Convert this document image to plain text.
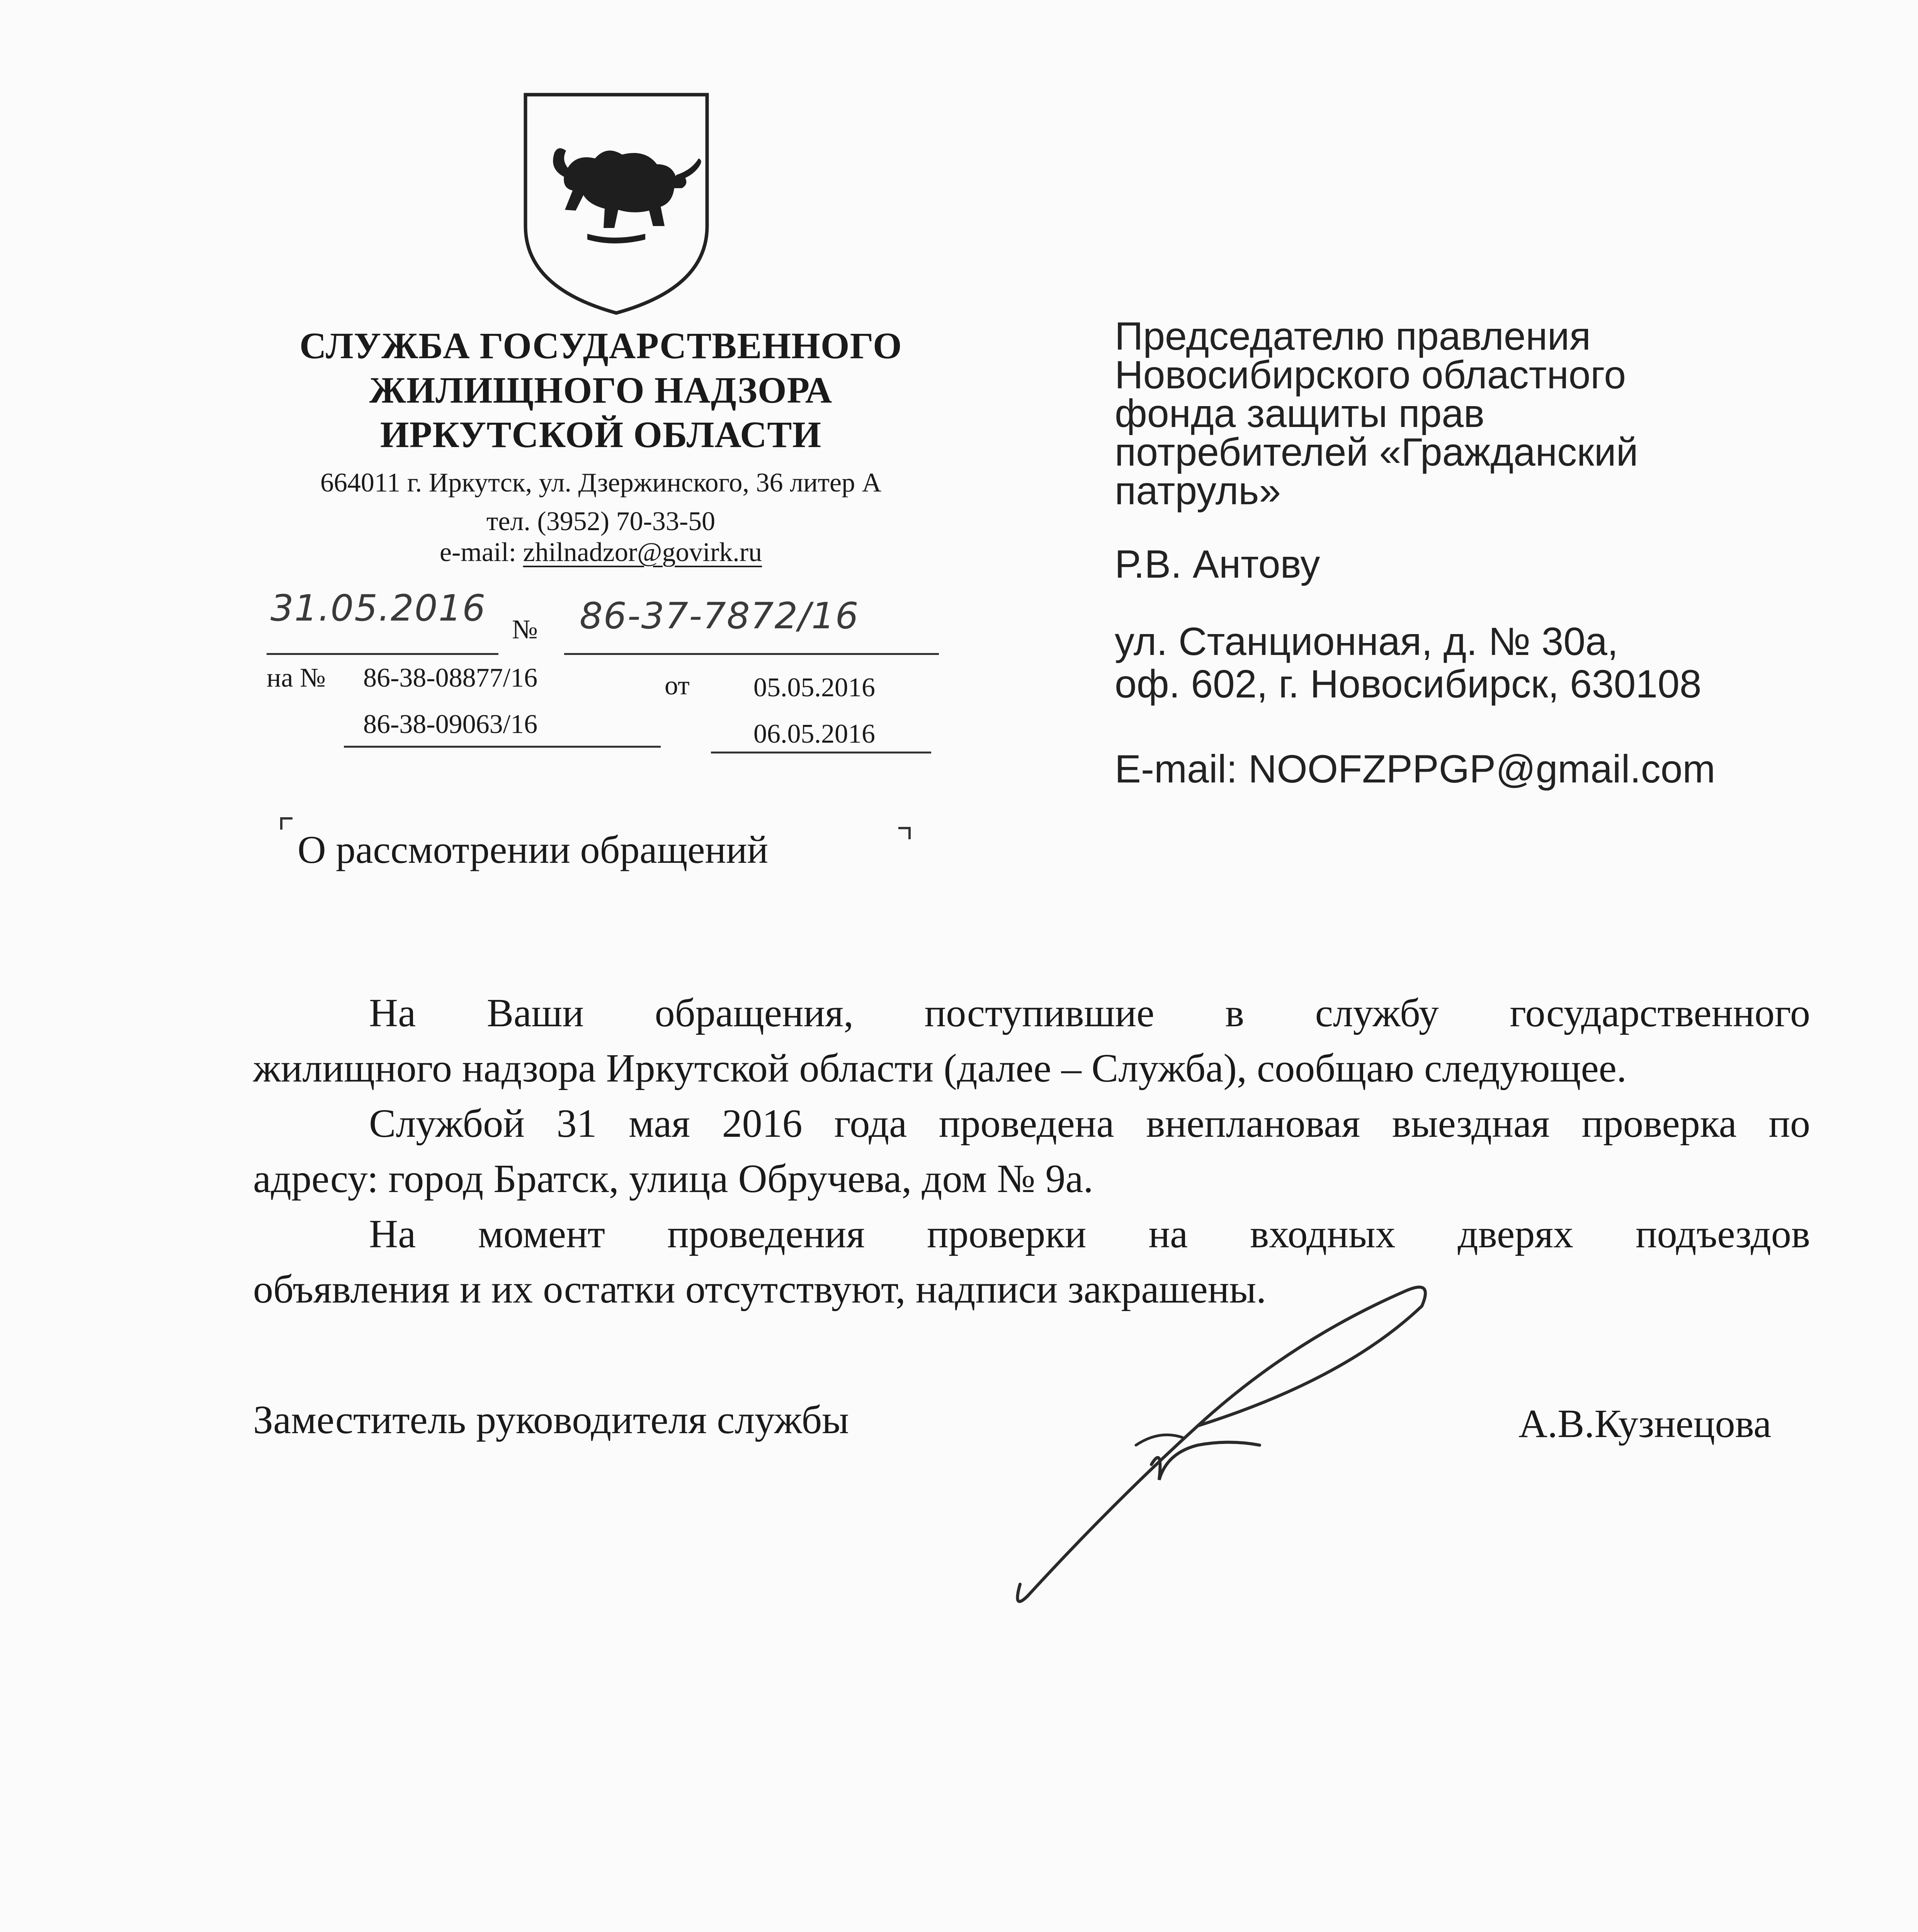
СЛУЖБА ГОСУДАРСТВЕННОГО
ЖИЛИЩНОГО НАДЗОРА
ИРКУТСКОЙ ОБЛАСТИ
664011 г. Иркутск, ул. Дзержинского, 36 литер А
тел. (3952) 70-33-50
e-mail: zhilnadzor@govirk.ru
31.05.2016
№ 86-37-7872/16
на № 86-38-08877/16	от 05.05.2016
86-38-09063/16	06.05.2016
Председателю правления
Новосибирского областного
фонда защиты прав
потребителей «Гражданский
патруль»
Р.В. Антову
ул. Станционная, д. № 30а,
оф. 602, г. Новосибирск, 630108
E-mail: NOOFZPPGP@gmail.com
О рассмотрении обращений
На Ваши обращения, поступившие в службу государственного
жилищного надзора Иркутской области (далее – Служба), сообщаю следующее.
Службой 31 мая 2016 года проведена внеплановая выездная проверка по
адресу: город Братск, улица Обручева, дом № 9а.
На момент проведения проверки на входных дверях подъездов
объявления и их остатки отсутствуют, надписи закрашены.
Заместитель руководителя службы	А.В.Кузнецова
